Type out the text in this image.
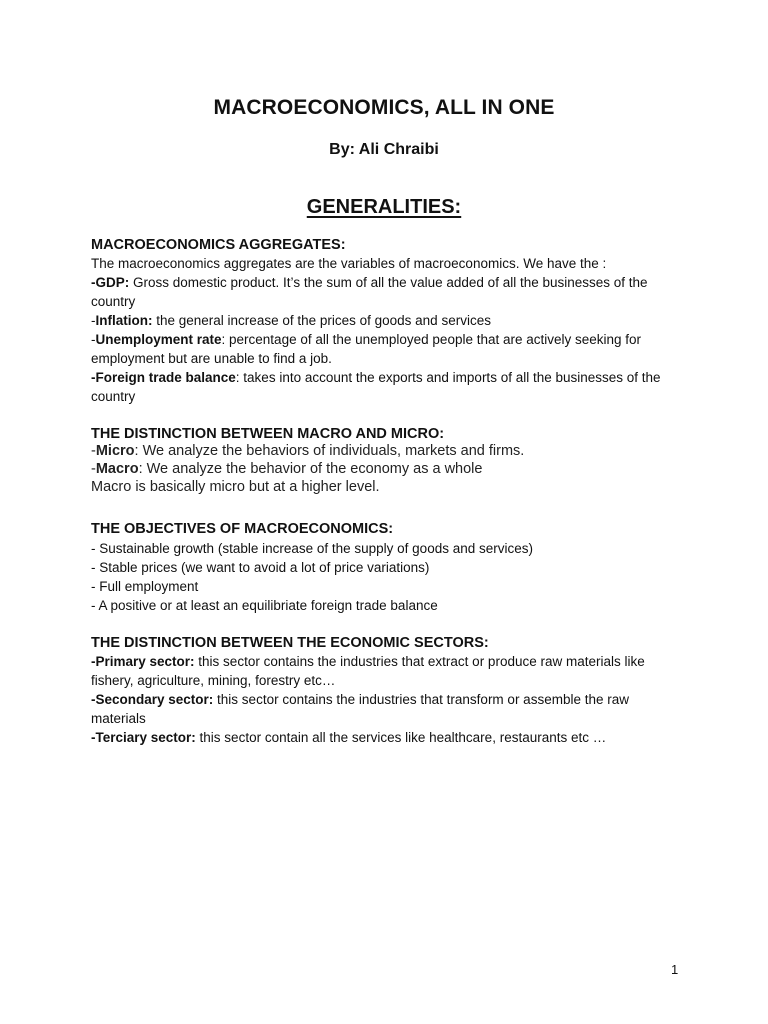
MACROECONOMICS, ALL IN ONE
By: Ali Chraibi
GENERALITIES:
MACROECONOMICS AGGREGATES:
The macroeconomics aggregates are the variables of macroeconomics. We have the :
-GDP: Gross domestic product. It’s the sum of all the value added of all the businesses of the
country
-Inflation: the general increase of the prices of goods and services
-Unemployment rate: percentage of all the unemployed people that are actively seeking for
employment but are unable to find a job.
-Foreign trade balance: takes into account the exports and imports of all the businesses of the
country
THE DISTINCTION BETWEEN MACRO AND MICRO:
-Micro: We analyze the behaviors of individuals, markets and firms.
-Macro: We analyze the behavior of the economy as a whole
Macro is basically micro but at a higher level.
THE OBJECTIVES OF MACROECONOMICS:
- Sustainable growth (stable increase of the supply of goods and services)
- Stable prices (we want to avoid a lot of price variations)
- Full employment
- A positive or at least an equilibriate foreign trade balance
THE DISTINCTION BETWEEN THE ECONOMIC SECTORS:
-Primary sector: this sector contains the industries that extract or produce raw materials like
fishery, agriculture, mining, forestry etc…
-Secondary sector: this sector contains the industries that transform or assemble the raw
materials
-Terciary sector: this sector contain all the services like healthcare, restaurants etc …
1
